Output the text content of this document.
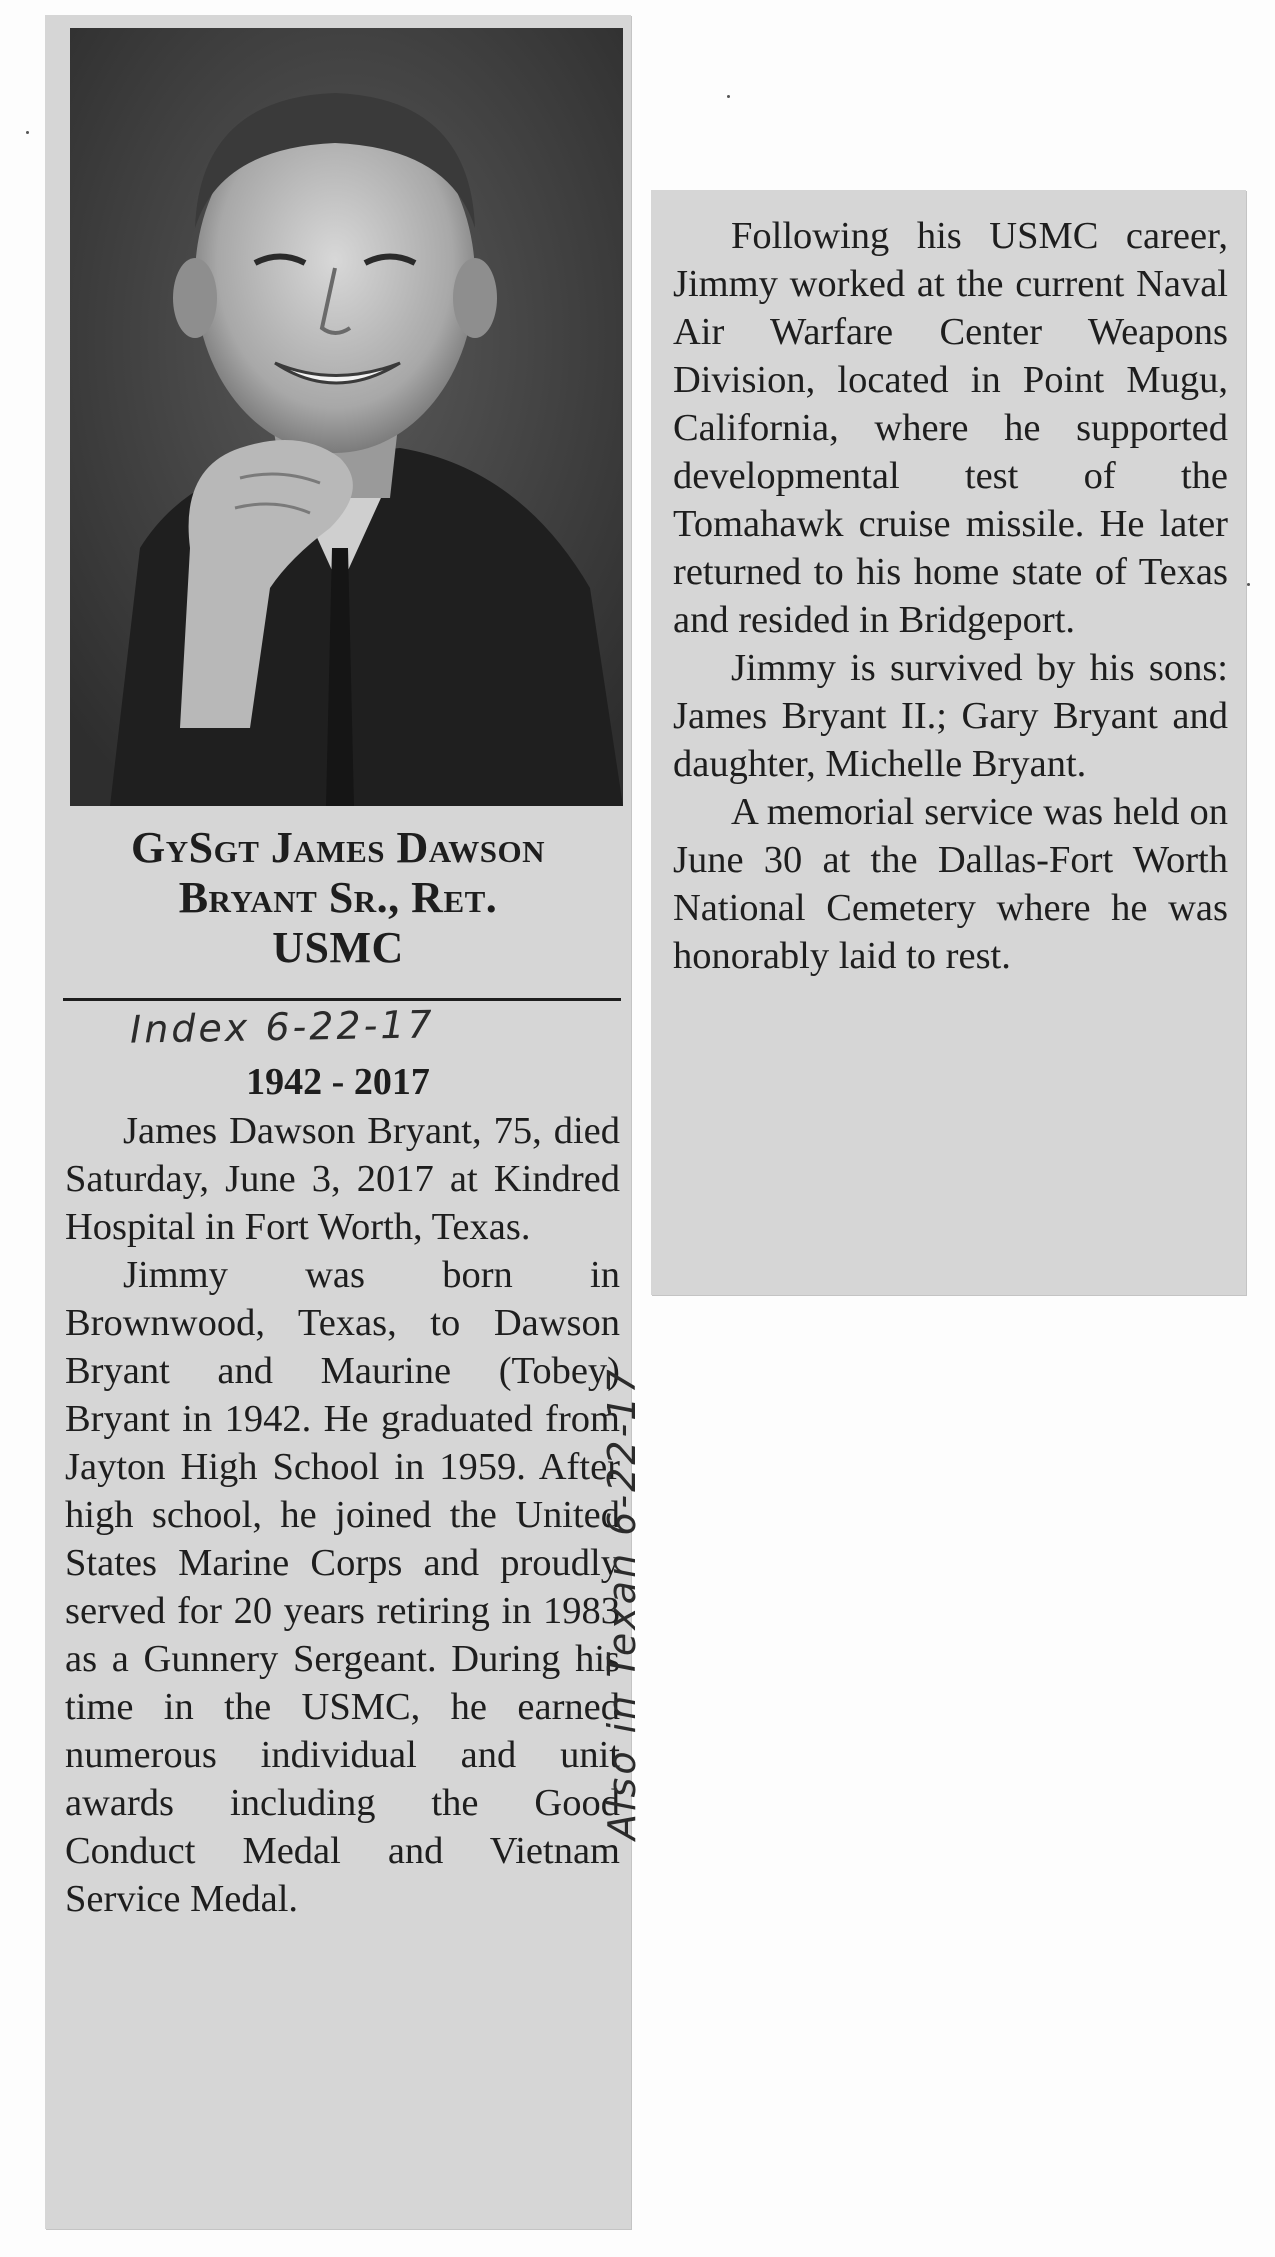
GySgt James Dawson
Bryant Sr., Ret.
USMC
Index 6-22-17
1942 - 2017

James Dawson Bryant, 75, died Saturday, June 3, 2017 at Kindred Hospital in Fort Worth, Texas.

Jimmy was born in Brownwood, Texas, to Dawson Bryant and Maurine (Tobey) Bryant in 1942. He graduated from Jayton High School in 1959. After high school, he joined the United States Marine Corps and proudly served for 20 years retiring in 1983 as a Gunnery Sergeant. During his time in the USMC, he earned numerous individual and unit awards including the Good Conduct Medal and Vietnam Service Medal.

Following his USMC career, Jimmy worked at the current Naval Air Warfare Center Weapons Division, located in Point Mugu, California, where he supported developmental test of the Tomahawk cruise missile. He later returned to his home state of Texas and resided in Bridgeport.

Jimmy is survived by his sons: James Bryant II.; Gary Bryant and daughter, Michelle Bryant.

A memorial service was held on June 30 at the Dallas-Fort Worth National Cemetery where he was honorably laid to rest.

Also in Texan 6-22-17
